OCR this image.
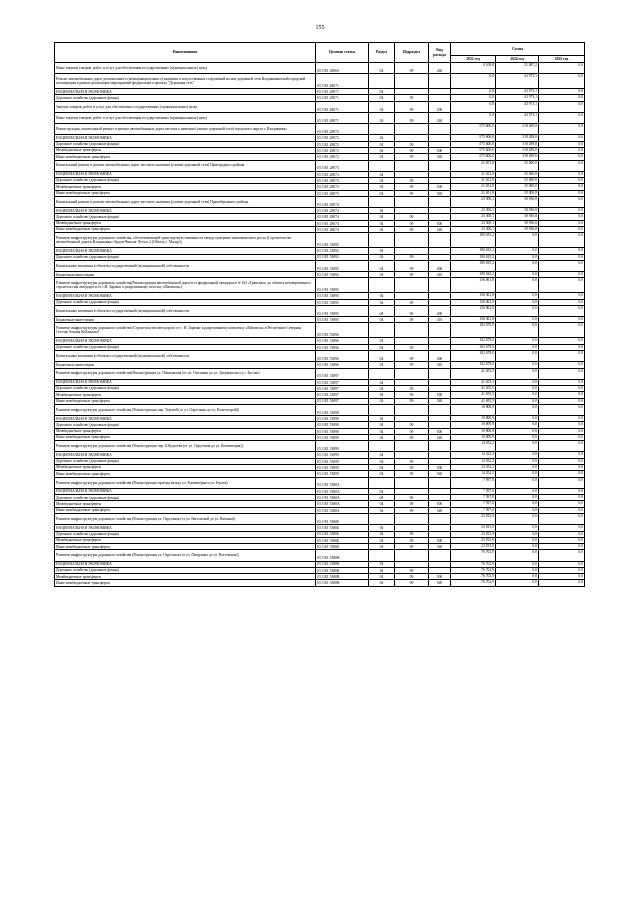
155
Наименование	Целевая статья	Раздел	Подраздел	Вид расхода	Сумма		
					2022 год	2024 год	2025 год
Иные закупки товаров, работ и услуг для обеспечения государственных (муниципальных) нужд	03 3 R1 28069	04	09	240	8 108,8	21 087,2	0,0
Ремонт автомобильных дорог регионального (межмуниципального) значения и искусственных сооружений на них дорожной сети Владикавказской городской агломерации в рамках реализации мероприятий федерального проекта "Дорожная сеть"	03 3 R1 28071				0,0	43 973,1	0,0
НАЦИОНАЛЬНАЯ ЭКОНОМИКА	03 3 R1 28071	04			0,0	43 973,1	0,0
Дорожное хозяйство (дорожные фонды)	03 3 R1 28071	04	09		0,0	43 973,1	0,0
Закупка товаров, работ и услуг для обеспечения государственных (муниципальных) нужд	03 3 R1 28071	04	09	200	0,0	43 973,1	0,0
Иные закупки товаров, работ и услуг для обеспечения государственных (муниципальных) нужд	03 3 R1 28071	04	09	240	0,0	43 973,1	0,0
Реконструкция, капитальный ремонт и ремонт автомобильных дорог местного значения (улично-дорожной сети) городского округа г. Владикавказ	03 3 R1 28072				575 606,0	518 289,0	0,0
НАЦИОНАЛЬНАЯ ЭКОНОМИКА	03 3 R1 28072	04			575 606,0	518 289,0	0,0
Дорожное хозяйство (дорожные фонды)	03 3 R1 28072	04	09		575 606,0	518 289,0	0,0
Межбюджетные трансферты	03 3 R1 28072	04	09	500	575 606,0	518 289,0	0,0
Иные межбюджетные трансферты	03 3 R1 28072	04	09	540	575 606,0	518 289,0	0,0
Капитальный ремонт и ремонт автомобильных дорог местного значения (улично-дорожной сети) Пригородного района	03 3 R1 28073				21 651,0	35 000,0	0,0
НАЦИОНАЛЬНАЯ ЭКОНОМИКА	03 3 R1 28073	04			21 651,0	35 000,0	0,0
Дорожное хозяйство (дорожные фонды)	03 3 R1 28073	04	09		21 651,0	35 000,0	0,0
Межбюджетные трансферты	03 3 R1 28073	04	09	500	21 651,0	35 000,0	0,0
Иные межбюджетные трансферты	03 3 R1 28073	04	09	540	21 651,0	35 000,0	0,0
Капитальный ремонт и ремонт автомобильных дорог местного значения (улично-дорожной сети) Правобережного района	03 3 R1 28074				23 300,1	30 936,8	0,0
НАЦИОНАЛЬНАЯ ЭКОНОМИКА	03 3 R1 28074	04			23 300,1	30 936,8	0,0
Дорожное хозяйство (дорожные фонды)	03 3 R1 28074	04	09		23 300,1	30 936,8	0,0
Межбюджетные трансферты	03 3 R1 28074	04	09	500	23 300,1	30 936,8	0,0
Иные межбюджетные трансферты	03 3 R1 28074	04	09	540	23 300,1	30 936,8	0,0
Развитие инфраструктуры дорожного хозяйства, обеспечивающей транспортную связанность между центрами экономического роста (Строительство автомобильной дороги Владикавказ-Ардон-Чикола-Лесхоз 2 (Объезд с. Мизур))	03 3 R1 53892				180 635,2	0,0	0,0
НАЦИОНАЛЬНАЯ ЭКОНОМИКА	03 3 R1 53892	04			180 635,2	0,0	0,0
Дорожное хозяйство (дорожные фонды)	03 3 R1 53892	04	09		180 635,2	0,0	0,0
Капитальные вложения в объекты государственной (муниципальной) собственности	03 3 R1 53892	04	09	400	180 635,2	0,0	0,0
Бюджетные инвестиции	03 3 R1 53892	04	09	410	180 635,2	0,0	0,0
Развитие инфраструктуры дорожного хозяйства(Реконструкция автомобильной дороги от федеральной автодороги А-164 «Транскам» до объекта незавершенного строительства автодороги от с.Н. Зарамаг к разрушенному поселку «Мамисон»)	03 3 R1 53895				156 061,8	0,0	0,0
НАЦИОНАЛЬНАЯ ЭКОНОМИКА	03 3 R1 53895	04			156 061,8	0,0	0,0
Дорожное хозяйство (дорожные фонды)	03 3 R1 53895	04	09		156 061,8	0,0	0,0
Капитальные вложения в объекты государственной (муниципальной) собственности	03 3 R1 53895	04	09	400	156 061,8	0,0	0,0
Бюджетные инвестиции	03 3 R1 53895	04	09	410	156 061,8	0,0	0,0
Развитие инфраструктуры дорожного хозяйства (Строительство автодороги от с. Н. Зарамаг к разрушенному комплексу «Мамисон» в Республике Северная Осетия-Алания Кобанские)	03 3 R1 53896				182 678,0	0,0	0,0
НАЦИОНАЛЬНАЯ ЭКОНОМИКА	03 3 R1 53896	04			182 678,0	0,0	0,0
Дорожное хозяйство (дорожные фонды)	03 3 R1 53896	04	09		182 678,0	0,0	0,0
Капитальные вложения в объекты государственной (муниципальной) собственности	03 3 R1 53896	04	09	400	182 678,0	0,0	0,0
Бюджетные инвестиции	03 3 R1 53896	04	09	410	182 678,0	0,0	0,0
Развитие инфраструктуры дорожного хозяйства(Реконструкция ул. Пашковская (от ул. Охотника до ул. Дзержинского), г. Беслан)	03 3 R1 53897				41 655,5	0,0	0,0
НАЦИОНАЛЬНАЯ ЭКОНОМИКА	03 3 R1 53897	04			41 655,5	0,0	0,0
Дорожное хозяйство (дорожные фонды)	03 3 R1 53897	04	09		41 655,5	0,0	0,0
Межбюджетные трансферты	03 3 R1 53897	04	09	500	41 655,5	0,0	0,0
Иные межбюджетные трансферты	03 3 R1 53897	04	09	540	41 655,5	0,0	0,0
Развитие инфраструктуры дорожного хозяйства (Реконструкция пер. Терскей (от ул. Озрутаная до ул. Кочетогорой))	03 3 R1 53898				10 800,9	0,0	0,0
НАЦИОНАЛЬНАЯ ЭКОНОМИКА	03 3 R1 53898	04			10 800,9	0,0	0,0
Дорожное хозяйство (дорожные фонды)	03 3 R1 53898	04	09		10 800,9	0,0	0,0
Межбюджетные трансферты	03 3 R1 53898	04	09	500	10 800,9	0,0	0,0
Иные межбюджетные трансферты	03 3 R1 53898	04	09	540	10 800,9	0,0	0,0
Развитие инфраструктуры дорожного хозяйства (Реконструкция пер. Б.Кудзоева (от ул. Озрутаная до ул. Коминтерна))	03 3 R1 53899				14 352,2	0,0	0,0
НАЦИОНАЛЬНАЯ ЭКОНОМИКА	03 3 R1 53899	04			14 352,2	0,0	0,0
Дорожное хозяйство (дорожные фонды)	03 3 R1 53899	04	09		14 352,2	0,0	0,0
Межбюджетные трансферты	03 3 R1 53899	04	09	500	14 352,2	0,0	0,0
Иные межбюджетные трансферты	03 3 R1 53899	04	09	540	14 352,2	0,0	0,0
Развитие инфраструктуры дорожного хозяйства (Реконструкция проезда между ул. Коминтерна и ул. Героев)	03 3 R1 5380А				7 597,0	0,0	0,0
НАЦИОНАЛЬНАЯ ЭКОНОМИКА	03 3 R1 5380А	04			7 597,0	0,0	0,0
Дорожное хозяйство (дорожные фонды)	03 3 R1 5380А	04	09		7 597,0	0,0	0,0
Межбюджетные трансферты	03 3 R1 5380А	04	09	500	7 597,0	0,0	0,0
Иные межбюджетные трансферты	03 3 R1 5380А	04	09	540	7 597,0	0,0	0,0
Развитие инфраструктуры дорожного хозяйства (Реконструкция ул. Озрутаная (от ул. Вагтовской до ул. Ватьяна))	03 3 R1 5380Б				23 815,0	0,0	0,0
НАЦИОНАЛЬНАЯ ЭКОНОМИКА	03 3 R1 5380Б	04			23 815,0	0,0	0,0
Дорожное хозяйство (дорожные фонды)	03 3 R1 5380Б	04	09		23 815,0	0,0	0,0
Межбюджетные трансферты	03 3 R1 5380Б	04	09	500	23 815,0	0,0	0,0
Иные межбюджетные трансферты	03 3 R1 5380Б	04	09	540	23 815,0	0,0	0,0
Развитие инфраструктуры дорожного хозяйства (Реконструкция ул. Озрутаная (от ул. Пищулина до ул. Вагтовская))	03 3 R1 5380В				76 702,9	0,0	0,0
НАЦИОНАЛЬНАЯ ЭКОНОМИКА	03 3 R1 5380В	04			76 702,9	0,0	0,0
Дорожное хозяйство (дорожные фонды)	03 3 R1 5380В	04	09		76 702,9	0,0	0,0
Межбюджетные трансферты	03 3 R1 5380В	04	09	500	76 702,9	0,0	0,0
Иные межбюджетные трансферты	03 3 R1 5380В	04	09	540	76 702,9	0,0	0,0
